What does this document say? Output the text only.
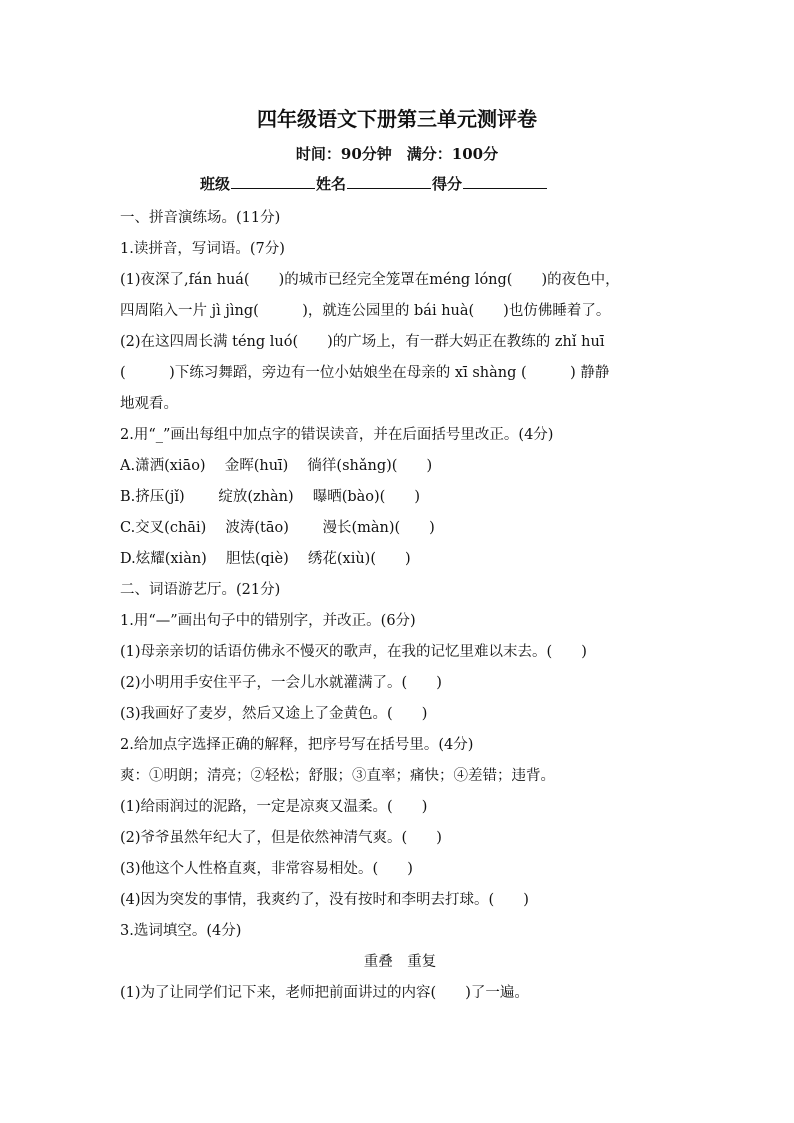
四年级语文下册第三单元测评卷
时间：90分钟　满分：100分
班级	姓名	得分
一、拼音演练场。(11分)
1.读拼音，写词语。(7分)
(1)夜深了,fán huá(　　)的城市已经完全笼罩在méng lóng(　　)的夜色中，
四周陷入一片 jì jìng(　　　)，就连公园里的 bái huà(　　)也仿佛睡着了。
(2)在这四周长满 téng luó(　　)的广场上，有一群大妈正在教练的 zhǐ huī
(　　　)下练习舞蹈，旁边有一位小姑娘坐在母亲的 xī shàng (　　　) 静静
地观看。
2.用“_”画出每组中加点字的错误读音，并在后面括号里改正。(4分)
A.潇洒(xiāo)　 金晖(huī)　 徜徉(shǎng)(　　)
B.挤压(jǐ)　　 绽放(zhàn)　 曝晒(bào)(　　)
C.交叉(chāi)　 波涛(tāo)　　 漫长(màn)(　　)
D.炫耀(xiàn)　 胆怯(qiè)　 绣花(xiù)(　　)
二、词语游艺厅。(21分)
1.用“—”画出句子中的错别字，并改正。(6分)
(1)母亲亲切的话语仿佛永不慢灭的歌声，在我的记忆里难以末去。(　　)
(2)小明用手安住平子，一会儿水就灌满了。(　　)
(3)我画好了麦岁，然后又途上了金黄色。(　　)
2.给加点字选择正确的解释，把序号写在括号里。(4分)
爽：①明朗；清亮；②轻松；舒服；③直率；痛快；④差错；违背。
(1)给雨润过的泥路，一定是凉爽又温柔。(　　)
(2)爷爷虽然年纪大了，但是依然神清气爽。(　　)
(3)他这个人性格直爽，非常容易相处。(　　)
(4)因为突发的事情，我爽约了，没有按时和李明去打球。(　　)
3.选词填空。(4分)
重叠　重复
(1)为了让同学们记下来，老师把前面讲过的内容(　　)了一遍。
